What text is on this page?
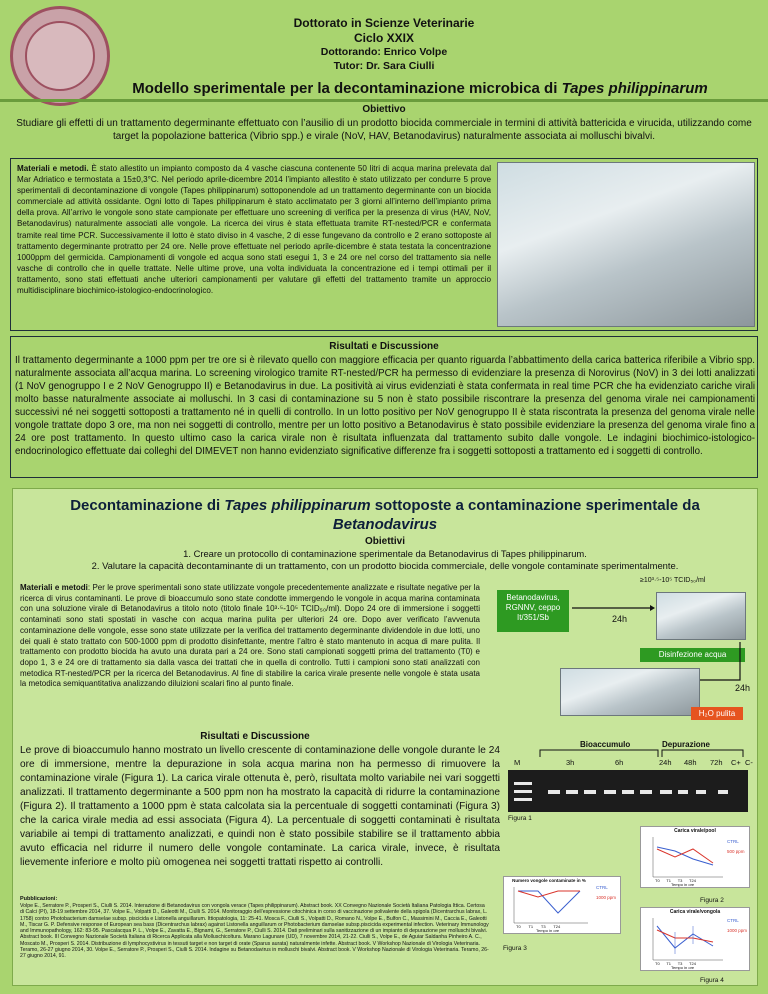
Dottorato in Scienze Veterinarie
Ciclo XXIX
Dottorando: Enrico Volpe
Tutor: Dr. Sara Ciulli
Modello sperimentale per la decontaminazione microbica di Tapes philippinarum
Obiettivo
Studiare gli effetti di un trattamento degerminante effettuato con l’ausilio di un prodotto biocida commerciale in termini di attività battericida e virucida, utilizzando come target la popolazione batterica (Vibrio spp.) e virale (NoV, HAV, Betanodavirus) naturalmente associata ai molluschi bivalvi.
Materiali e metodi. È stato allestito un impianto composto da 4 vasche ciascuna contenente 50 litri di acqua marina prelevata dal Mar Adriatico e termostata a 15±0,3°C. Nel periodo aprile-dicembre 2014 l’impianto allestito è stato utilizzato per condurre 5 prove sperimentali di decontaminazione di vongole (Tapes philippinarum) sottoponendole ad un trattamento degerminante con un biocida commerciale ad attività ossidante. Ogni lotto di Tapes philippinarum è stato acclimatato per 3 giorni all’interno dell’impianto prima della prova. All’arrivo le vongole sono state campionate per effettuare uno screening di verifica per la presenza di virus (HAV, NoV, Betanodavirus) naturalmente associati alle vongole. La ricerca dei virus è stata effettuata tramite RT-nested/PCR e confermata tramite real time PCR. Successivamente il lotto è stato diviso in 4 vasche, 2 di esse fungevano da controllo e 2 erano sottoposte al trattamento degerminante protratto per 24 ore. Nelle prove effettuate nel periodo aprile-dicembre è stata testata la concentrazione 1000ppm del germicida. Campionamenti di vongole ed acqua sono stati esegui 1, 3 e 24 ore nel corso del trattamento sia nelle vasche di controllo che in quelle trattate. Nelle ultime prove, una volta individuata la concentrazione ed i tempi ottimali per il trattamento, sono stati effettuati anche ulteriori campionamenti per valutare gli effetti del trattamento tramite un approccio multidisciplinare biochimico-istologico-endocrinologico.
Risultati e Discussione
Il trattamento degerminante a 1000 ppm per tre ore si è rilevato quello con maggiore efficacia per quanto riguarda l’abbattimento della carica batterica riferibile a Vibrio spp. naturalmente associata all’acqua marina. Lo screening virologico tramite RT-nested/PCR ha permesso di evidenziare la presenza di Norovirus (NoV) in 3 dei lotti analizzati (1 NoV genogruppo I e 2 NoV Genogruppo II) e Betanodavirus in due. La positività ai virus evidenziati è stata confermata in real time PCR che ha evidenziato cariche virali molto basse naturalmente associate ai molluschi. In 3 casi di contaminazione su 5 non è stato possibile riscontrare la presenza del genoma virale nei campionamenti successivi né nei soggetti sottoposti a trattamento né in quelli di controllo. In un lotto positivo per NoV genogruppo II è stata riscontrata la presenza del genoma virale nelle vongole trattate dopo 3 ore, ma non nei soggetti di controllo, mentre per un lotto positivo a Betanodavirus è stato possibile evidenziare la presenza del genoma virale fino a 24 ore post trattamento. In questo ultimo caso la carica virale non è risultata influenzata dal trattamento subito dalle vongole. Le indagini biochimico-istologico-endocrinologico effettuate dai colleghi del DIMEVET non hanno evidenziato significative differenze fra i soggetti sottoposti a trattamento ed i soggetti di controllo.
Decontaminazione di Tapes philippinarum sottoposte a contaminazione sperimentale da Betanodavirus
Obiettivi
1. Creare un protocollo di contaminazione sperimentale da Betanodavirus di Tapes philippinarum.
2. Valutare la capacità decontaminante di un trattamento, con un prodotto biocida commerciale, delle vongole contaminate sperimentalmente.
Materiali e metodi: Per le prove sperimentali sono state utilizzate vongole precedentemente analizzate e risultate negative per la ricerca di virus contaminanti. Le prove di bioaccumulo sono state condotte immergendo le vongole in acqua marina contaminata con una soluzione virale di Betanodavirus a titolo noto (titolo finale 10³·⁵-10⁵ TCID₅₀/ml). Dopo 24 ore di immersione i soggetti contaminati sono stati spostati in vasche con acqua marina pulita per ulteriori 24 ore. Dopo aver verificato l’avvenuta contaminazione delle vongole, esse sono state utilizzate per la verifica del trattamento degerminante dividendole in due lotti, uno dei quali è stato trattato con 500-1000 ppm di prodotto disinfettante, mentre l’altro è stato mantenuto in acqua di mare pulita. Il trattamento con prodotto biocida ha avuto una durata pari a 24 ore. Sono stati campionati soggetti prima del trattamento (T0) e dopo 1, 3 e 24 ore di trattamento sia dalla vasca dei trattati che in quella di controllo. Tutti i campioni sono stati analizzati con metodica RT-nested/PCR per la ricerca del Betanodavirus. Al fine di stabilire la carica virale presente nelle vongole è stata usata la metodica semiquantitativa analizzando diluizioni scalari fino al punto finale.
≥10³·⁵-10⁵ TCID₅₀/ml
Betanodavirus, RGNNV, ceppo It/351/Sb	24h
Disinfezione acqua
24h
H₂O pulita
Risultati e Discussione
Le prove di bioaccumulo hanno mostrato un livello crescente di contaminazione delle vongole durante le 24 ore di immersione, mentre la depurazione in sola acqua marina non ha permesso di rimuovere la contaminazione virale (Figura 1). La carica virale ottenuta è, però, risultata molto variabile nei vari soggetti analizzati. Il trattamento degerminante a 500 ppm non ha mostrato la capacità di ridurre la contaminazione (Figura 2). Il trattamento a 1000 ppm è stata calcolata sia la percentuale di soggetti contaminati (Figura 3) che la carica virale media ad essi associata (Figura 4). La percentuale di soggetti contaminati è risultata variabile ai tempi di trattamento analizzati, e quindi non è stato possibile stabilire se il trattamento abbia avuto efficacia nel ridurre il numero delle vongole contaminate. La carica virale, invece, è risultata lievemente inferiore e molto più omogenea nei soggetti trattati rispetto ai controlli.
Pubblicazioni:
Volpe E., Serratore P., Prosperi S., Ciulli S. 2014. Interazione di Betanodavirus con vongola verace (Tapes philippinarum). Abstract book. XX Convegno Nazionale Società Italiana Patologia Ittica. Certosa di Calci (PI), 18-19 settembre 2014, 37. Volpe E., Volpatti D., Galeotti M., Ciulli S. 2014. Monitoraggio dell’espressione citochinica in corso di vaccinazione polivalente della spigola (Dicentrarchus labrax, L. 1758) contro Photobacterium damselae subsp. piscicida e Listonella anguillarum. Ittiopatologia, 11: 25-41. Mosca F., Ciulli S., Volpatti D., Romano N., Volpe E., Bulfon C., Massimini M., Caccia E., Galeotti M., Tiscar G. P. Defensive response of European sea bass (Dicentrarchus labrax) against Listonella anguillarum or Photobacterium damselae subsp.piscicida experimental infection. Veterinary Immunology and Immunopathology, 162: 83-95. Pascalacqua P. L., Volpe E., Zavatta E., Bignami, G., Serratore P., Ciulli S. 2014. Dati preliminari sulla sanitizzazione di un impianto di depurazione per molluschi bivalvi. Abstract book. III Convegno Nazionale Società Italiana di Ricerca Applicata alla Molluschicoltura. Marano Lagunare (UD), 7 novembre 2014, 21-22. Ciulli S., Volpe E., de Aguiar Saldanha Pinheiro A. C., Moscato M., Prosperi S. 2014. Distribuzione di lymphocystivirus in tessuti target e non target di orate (Sparus aurata) naturalmente infette. Abstract book. V Workshop Nazionale di Virologia Veterinaria. Teramo, 26-27 giugno 2014, 30. Volpe E., Serratore P., Prosperi S., Ciulli S. 2014. Indagine su Betanodavirus in molluschi bivalvi. Abstract book. V Workshop Nazionale di Virologia Veterinaria. Teramo, 26-27 giugno 2014, 91.
Bioaccumulo	Depurazione
M	3h	6h	24h 48h 72h C+ C-
Figura 1
Carica virale/pool
CTRL
500 ppm
T0 T1 T3 T24
Tempo in ore
Figura 2
Numero vongole contaminate in %
CTRL
1000 ppm
T0 T1 T3 T24
Tempo in ore
Figura 3
Carica virale/vongola
CTRL
1000 ppm
T0 T1 T3 T24
Tempo in ore
Figura 4
